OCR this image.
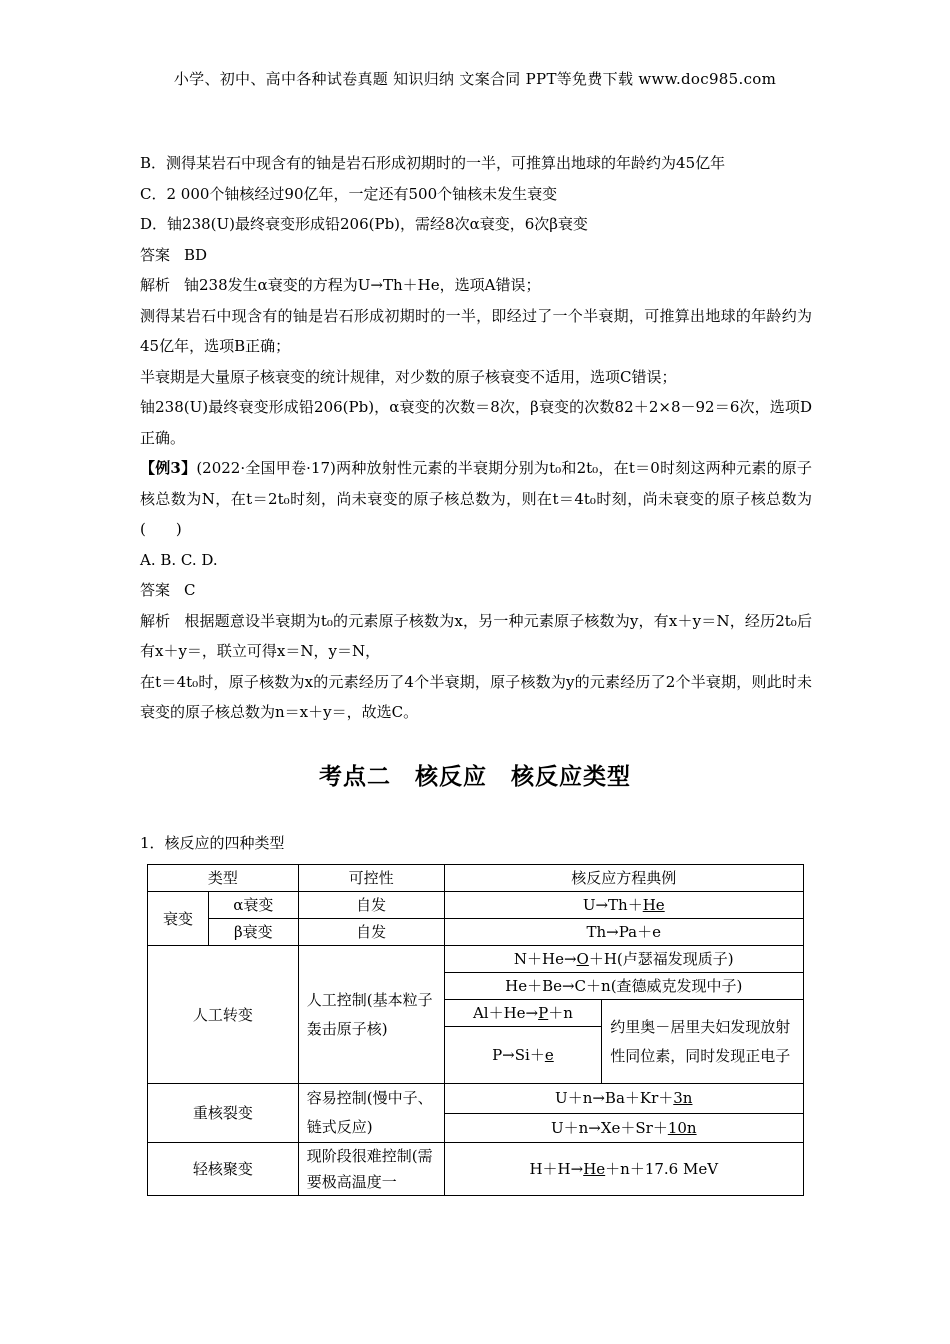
小学、初中、高中各种试卷真题 知识归纳 文案合同 PPT等免费下载 www.doc985.com
B．测得某岩石中现含有的铀是岩石形成初期时的一半，可推算出地球的年龄约为45亿年
C．2 000个铀核经过90亿年，一定还有500个铀核未发生衰变
D．铀238(U)最终衰变形成铅206(Pb)，需经8次α衰变，6次β衰变
答案 BD
解析 铀238发生α衰变的方程为U→Th＋He，选项A错误；
测得某岩石中现含有的铀是岩石形成初期时的一半，即经过了一个半衰期，可推算出地球的年龄约为45亿年，选项B正确；
半衰期是大量原子核衰变的统计规律，对少数的原子核衰变不适用，选项C错误；
铀238(U)最终衰变形成铅206(Pb)，α衰变的次数＝8次，β衰变的次数82＋2×8－92＝6次，选项D正确。
【例3】(2022·全国甲卷·17)两种放射性元素的半衰期分别为t₀和2t₀，在t＝0时刻这两种元素的原子核总数为N，在t＝2t₀时刻，尚未衰变的原子核总数为，则在t＝4t₀时刻，尚未衰变的原子核总数为(　　)
A. B. C. D.
答案 C
解析 根据题意设半衰期为t₀的元素原子核数为x，另一种元素原子核数为y，有x＋y＝N，经历2t₀后有x＋y＝，联立可得x＝N，y＝N，
在t＝4t₀时，原子核数为x的元素经历了4个半衰期，原子核数为y的元素经历了2个半衰期，则此时未衰变的原子核总数为n＝x＋y＝，故选C。
考点二　核反应　核反应类型
1．核反应的四种类型
类型		可控性	核反应方程典例	
衰变	α衰变	自发	U→Th＋He	
	β衰变	自发	Th→Pa＋e	
人工转变		人工控制(基本粒子轰击原子核)	N＋He→O＋H(卢瑟福发现质子)	
			He＋Be→C＋n(查德威克发现中子)	
			Al＋He→P＋n	约里奥－居里夫妇发现放射性同位素，同时发现正电子
			P→Si＋e	

重核裂变		容易控制(慢中子、链式反应)	U＋n→Ba＋Kr＋3n	
			U＋n→Xe＋Sr＋10n	
轻核聚变		现阶段很难控制(需要极高温度一	H＋H→He＋n＋17.6 MeV	
